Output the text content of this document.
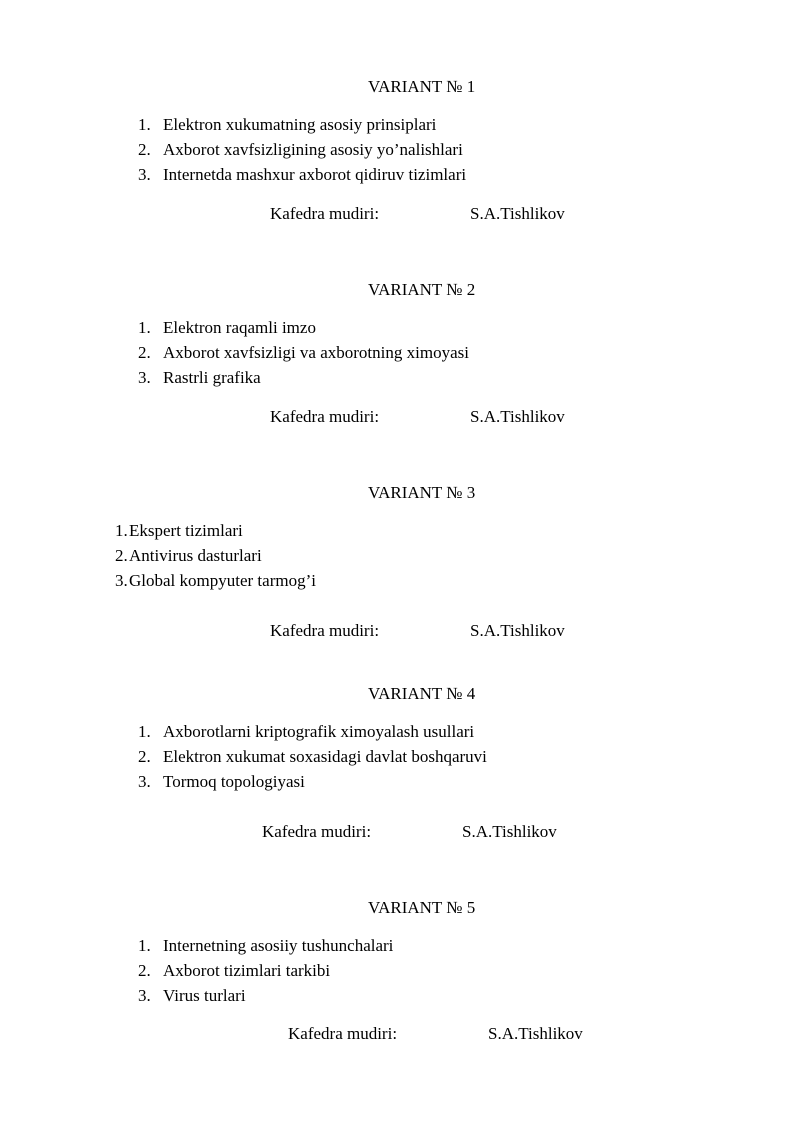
VARIANT № 1
1. Elektron xukumatning asosiy prinsiplari
2. Axborot xavfsizligining asosiy yo’nalishlari
3. Internetda mashxur axborot qidiruv tizimlari
Kafedra mudiri:	S.A.Tishlikov
VARIANT № 2
1. Elektron raqamli imzo
2. Axborot xavfsizligi va axborotning ximoyasi
3. Rastrli grafika
Kafedra mudiri:	S.A.Tishlikov
VARIANT № 3
1. Ekspert tizimlari
2. Antivirus dasturlari
3. Global kompyuter tarmog’i
Kafedra mudiri:	S.A.Tishlikov
VARIANT № 4
1. Axborotlarni kriptografik ximoyalash usullari
2. Elektron xukumat soxasidagi davlat boshqaruvi
3. Tormoq topologiyasi
Kafedra mudiri:	S.A.Tishlikov
VARIANT № 5
1. Internetning asosiiy tushunchalari
2. Axborot tizimlari tarkibi
3. Virus turlari
Kafedra mudiri:	S.A.Tishlikov
